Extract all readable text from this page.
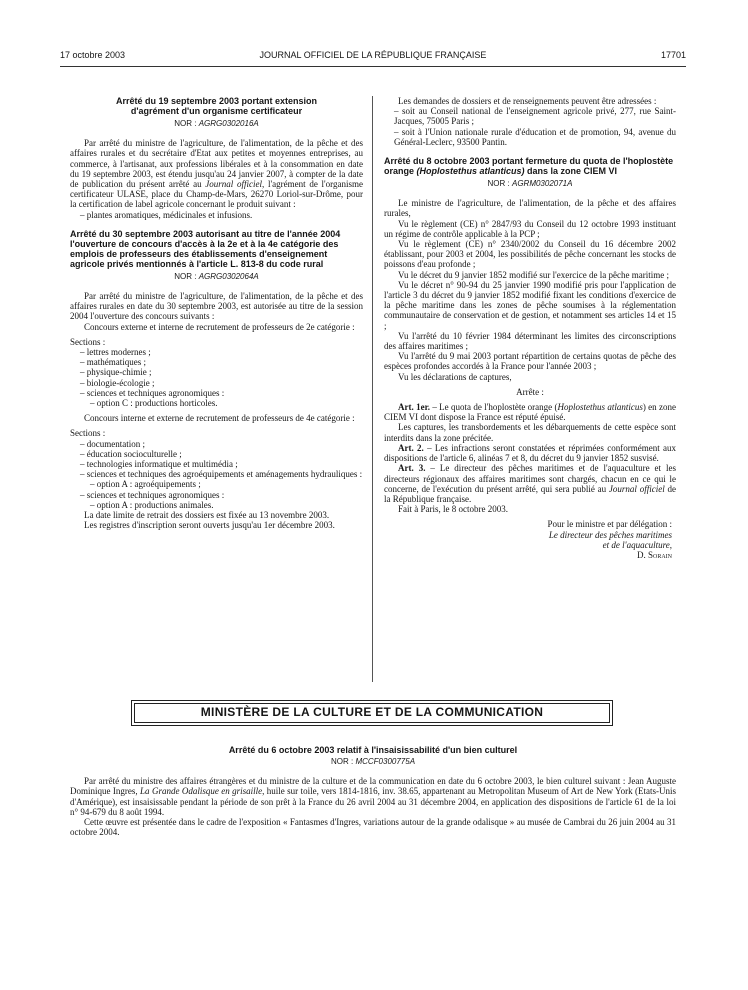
17 octobre 2003	JOURNAL OFFICIEL DE LA RÉPUBLIQUE FRANÇAISE	17701
Arrêté du 19 septembre 2003 portant extension
d'agrément d'un organisme certificateur
NOR : AGRG0302016A

Par arrêté du ministre de l'agriculture, de l'alimentation, de la pêche et des affaires rurales et du secrétaire d'Etat aux petites et moyennes entreprises, au commerce, à l'artisanat, aux professions libérales et à la consommation en date du 19 septembre 2003, est étendu jusqu'au 24 janvier 2007, à compter de la date de publication du présent arrêté au Journal officiel, l'agrément de l'organisme certificateur ULASE, place du Champ-de-Mars, 26270 Loriol-sur-Drôme, pour la certification de label agricole concernant le produit suivant :

– plantes aromatiques, médicinales et infusions.
Arrêté du 30 septembre 2003 autorisant au titre de l'année 2004 l'ouverture de concours d'accès à la 2e et à la 4e catégorie des emplois de professeurs des établissements d'enseignement agricole privés mentionnés à l'article L. 813-8 du code rural
NOR : AGRG0302064A

Par arrêté du ministre de l'agriculture, de l'alimentation, de la pêche et des affaires rurales en date du 30 septembre 2003, est autorisée au titre de la session 2004 l'ouverture des concours suivants :

Concours externe et interne de recrutement de professeurs de 2e catégorie :

Sections :

– lettres modernes ;
– mathématiques ;
– physique-chimie ;
– biologie-écologie ;
– sciences et techniques agronomiques :
– option C : productions horticoles.

Concours interne et externe de recrutement de professeurs de 4e catégorie :

Sections :

– documentation ;
– éducation socioculturelle ;
– technologies informatique et multimédia ;
– sciences et techniques des agroéquipements et aménagements hydrauliques :
– option A : agroéquipements ;
– sciences et techniques agronomiques :
– option A : productions animales.

La date limite de retrait des dossiers est fixée au 13 novembre 2003.

Les registres d'inscription seront ouverts jusqu'au 1er décembre 2003.

Les demandes de dossiers et de renseignements peuvent être adressées :

– soit au Conseil national de l'enseignement agricole privé, 277, rue Saint-Jacques, 75005 Paris ;
– soit à l'Union nationale rurale d'éducation et de promotion, 94, avenue du Général-Leclerc, 93500 Pantin.
Arrêté du 8 octobre 2003 portant fermeture du quota de l'hoplostète orange (Hoplostethus atlanticus) dans la zone CIEM VI
NOR : AGRM0302071A

Le ministre de l'agriculture, de l'alimentation, de la pêche et des affaires rurales,

Vu le règlement (CE) n° 2847/93 du Conseil du 12 octobre 1993 instituant un régime de contrôle applicable à la PCP ;

Vu le règlement (CE) n° 2340/2002 du Conseil du 16 décembre 2002 établissant, pour 2003 et 2004, les possibilités de pêche concernant les stocks de poissons d'eau profonde ;

Vu le décret du 9 janvier 1852 modifié sur l'exercice de la pêche maritime ;

Vu le décret n° 90-94 du 25 janvier 1990 modifié pris pour l'application de l'article 3 du décret du 9 janvier 1852 modifié fixant les conditions d'exercice de la pêche maritime dans les zones de pêche soumises à la réglementation communautaire de conservation et de gestion, et notamment ses articles 14 et 15 ;

Vu l'arrêté du 10 février 1984 déterminant les limites des circonscriptions des affaires maritimes ;

Vu l'arrêté du 9 mai 2003 portant répartition de certains quotas de pêche des espèces profondes accordés à la France pour l'année 2003 ;

Vu les déclarations de captures,

Arrête :

Art. 1er. – Le quota de l'hoplostète orange (Hoplostethus atlanticus) en zone CIEM VI dont dispose la France est réputé épuisé.

Les captures, les transbordements et les débarquements de cette espèce sont interdits dans la zone précitée.

Art. 2. – Les infractions seront constatées et réprimées conformément aux dispositions de l'article 6, alinéas 7 et 8, du décret du 9 janvier 1852 susvisé.

Art. 3. – Le directeur des pêches maritimes et de l'aquaculture et les directeurs régionaux des affaires maritimes sont chargés, chacun en ce qui le concerne, de l'exécution du présent arrêté, qui sera publié au Journal officiel de la République française.

Fait à Paris, le 8 octobre 2003.

Pour le ministre et par délégation :
Le directeur des pêches maritimes
et de l'aquaculture,
D. Sorain
MINISTÈRE DE LA CULTURE ET DE LA COMMUNICATION
Arrêté du 6 octobre 2003 relatif à l'insaisissabilité d'un bien culturel
NOR : MCCF0300775A

Par arrêté du ministre des affaires étrangères et du ministre de la culture et de la communication en date du 6 octobre 2003, le bien culturel suivant : Jean Auguste Dominique Ingres, La Grande Odalisque en grisaille, huile sur toile, vers 1814-1816, inv. 38.65, appartenant au Metropolitan Museum of Art de New York (Etats-Unis d'Amérique), est insaisissable pendant la période de son prêt à la France du 26 avril 2004 au 31 décembre 2004, en application des dispositions de l'article 61 de la loi n° 94-679 du 8 août 1994.

Cette œuvre est présentée dans le cadre de l'exposition « Fantasmes d'Ingres, variations autour de la grande odalisque » au musée de Cambrai du 26 juin 2004 au 31 octobre 2004.
